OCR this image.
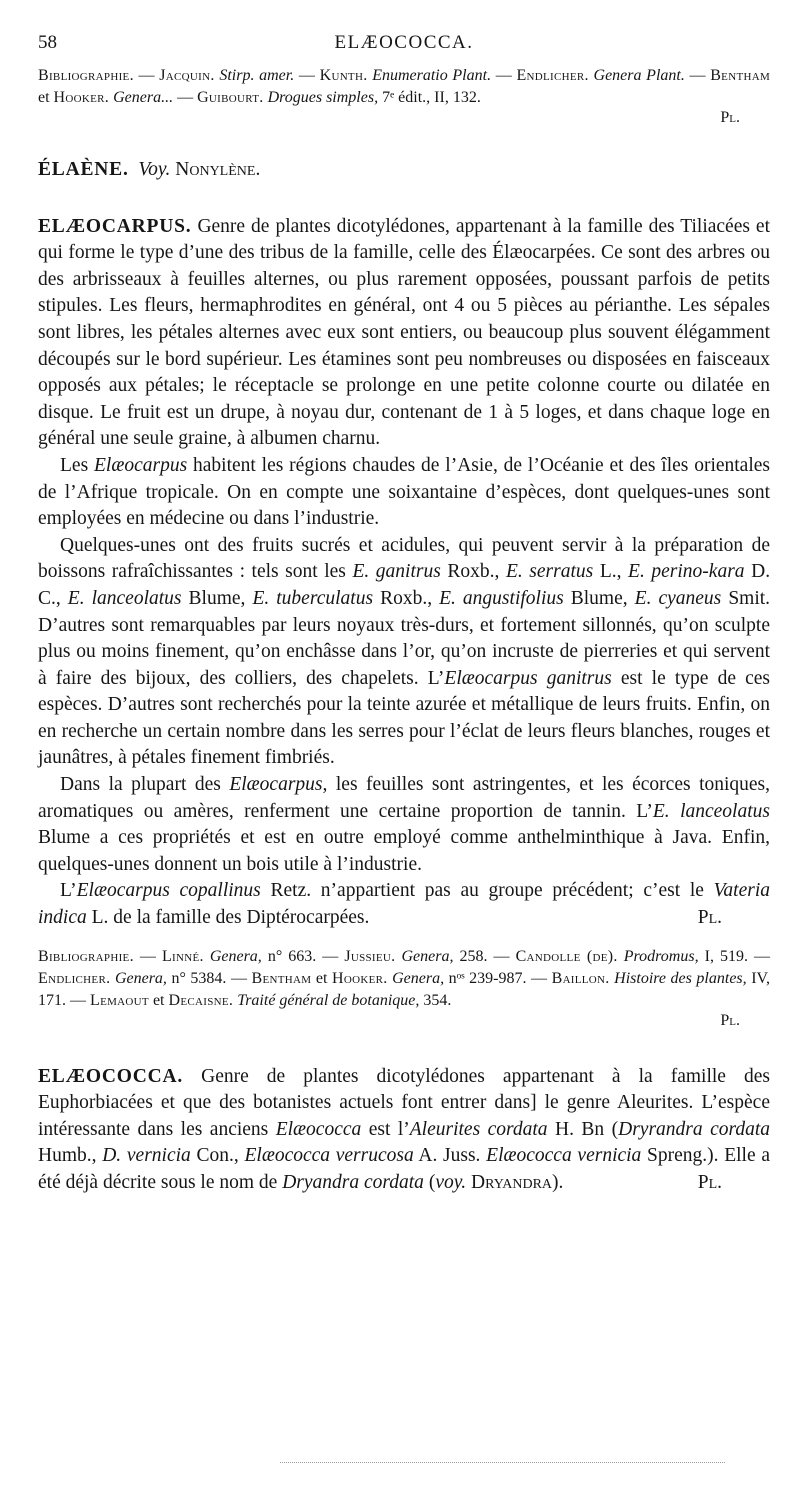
58	ELÆOCOCCA.
Bibliographie. — Jacquin. Stirp. amer. — Kunth. Enumeratio Plant. — Endlicher. Genera Plant. — Bentham et Hooker. Genera... — Guibourt. Drogues simples, 7ᵉ édit., II, 132.
Pl.

ÉLAÈNE. Voy. Nonylène.

ELÆOCARPUS. Genre de plantes dicotylédones, appartenant à la famille des Tiliacées et qui forme le type d’une des tribus de la famille, celle des Élæocarpées. Ce sont des arbres ou des arbrisseaux à feuilles alternes, ou plus rarement opposées, poussant parfois de petits stipules. Les fleurs, hermaphrodites en général, ont 4 ou 5 pièces au périanthe. Les sépales sont libres, les pétales alternes avec eux sont entiers, ou beaucoup plus souvent élégamment découpés sur le bord supérieur. Les étamines sont peu nombreuses ou disposées en faisceaux opposés aux pétales; le réceptacle se prolonge en une petite colonne courte ou dilatée en disque. Le fruit est un drupe, à noyau dur, contenant de 1 à 5 loges, et dans chaque loge en général une seule graine, à albumen charnu.

Les Elæocarpus habitent les régions chaudes de l’Asie, de l’Océanie et des îles orientales de l’Afrique tropicale. On en compte une soixantaine d’espèces, dont quelques-unes sont employées en médecine ou dans l’industrie.

Quelques-unes ont des fruits sucrés et acidules, qui peuvent servir à la préparation de boissons rafraîchissantes : tels sont les E. ganitrus Roxb., E. serratus L., E. perino-kara D. C., E. lanceolatus Blume, E. tuberculatus Roxb., E. angustifolius Blume, E. cyaneus Smit. D’autres sont remarquables par leurs noyaux très-durs, et fortement sillonnés, qu’on sculpte plus ou moins finement, qu’on enchâsse dans l’or, qu’on incruste de pierreries et qui servent à faire des bijoux, des colliers, des chapelets. L’Elæocarpus ganitrus est le type de ces espèces. D’autres sont recherchés pour la teinte azurée et métallique de leurs fruits. Enfin, on en recherche un certain nombre dans les serres pour l’éclat de leurs fleurs blanches, rouges et jaunâtres, à pétales finement fimbriés.

Dans la plupart des Elæocarpus, les feuilles sont astringentes, et les écorces toniques, aromatiques ou amères, renferment une certaine proportion de tannin. L’E. lanceolatus Blume a ces propriétés et est en outre employé comme anthelminthique à Java. Enfin, quelques-unes donnent un bois utile à l’industrie.

L’Elæocarpus copallinus Retz. n’appartient pas au groupe précédent; c’est le Vateria indica L. de la famille des Diptérocarpées.	Pl.

Bibliographie. — Linné. Genera, n° 663. — Jussieu. Genera, 258. — Candolle (de). Prodromus, I, 519. — Endlicher. Genera, n° 5384. — Bentham et Hooker. Genera, nᵒˢ 239-987. — Baillon. Histoire des plantes, IV, 171. — Lemaout et Decaisne. Traité général de botanique, 354.
Pl.

ELÆOCOCCA. Genre de plantes dicotylédones appartenant à la famille des Euphorbiacées et que des botanistes actuels font entrer dans] le genre Aleurites. L’espèce intéressante dans les anciens Elæococca est l’Aleurites cordata H. Bn (Dryrandra cordata Humb., D. vernicia Con., Elæococca verrucosa A. Juss. Elæococca vernicia Spreng.). Elle a été déjà décrite sous le nom de Dryandra cordata (voy. Dryandra).	Pl.
